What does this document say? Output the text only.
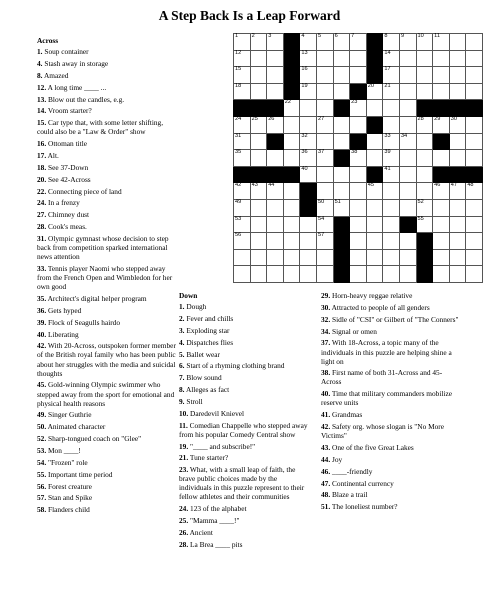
A Step Back Is a Leap Forward
1	2	3		4	5	6	7		8	9	10	11		

12				13					14					

15				16					17					

18				19				20	21					

			22				23							

24	25	26			27						28	29	30	

31				32					33	34				

35				36	37		38		39					

				40					41					

42	43	44						45				46	47	48

49					50	51					52			

53					54						55			

56					57									

Across
1. Soup container
4. Stash away in storage
8. Amazed
12. A long time ____ ...
13. Blow out the candles, e.g.
14. Vroom starter?
15. Car type that, with some letter shifting, could also be a "Law & Order" show
16. Ottoman title
17. Alt.
18. See 37-Down
20. See 42-Across
22. Connecting piece of land
24. In a frenzy
27. Chimney dust
28. Cook's meas.
31. Olympic gymnast whose decision to step back from competition sparked international news attention
33. Tennis player Naomi who stepped away from the French Open and Wimbledon for her own good
35. Architect's digital helper program
36. Gets hyped
39. Flock of Seagulls hairdo
40. Liberating
42. With 20-Across, outspoken former member of the British royal family who has been public about her struggles with the media and suicidal thoughts
45. Gold-winning Olympic swimmer who stepped away from the sport for emotional and physical health reasons
49. Singer Guthrie
50. Animated character
52. Sharp-tongued coach on "Glee"
53. Mon ____!
54. "Frozen" role
55. Important time period
56. Forest creature
57. Stan and Spike
58. Flanders child
Down
1. Dough
2. Fever and chills
3. Exploding star
4. Dispatches flies
5. Ballet wear
6. Start of a rhyming clothing brand
7. Blow sound
8. Alleges as fact
9. Stroll
10. Daredevil Knievel
11. Comedian Chappelle who stepped away from his popular Comedy Central show
19. "____ and subscribe!"
21. Tune starter?
23. What, with a small leap of faith, the brave public choices made by the individuals in this puzzle represent to their fellow athletes and their communities
24. 123 of the alphabet
25. "Mamma ____!"
26. Ancient
28. La Brea ____ pits
29. Horn-heavy reggae relative
30. Attracted to people of all genders
32. Sidle of "CSI" or Gilbert of "The Conners"
34. Signal or omen
37. With 18-Across, a topic many of the individuals in this puzzle are helping shine a light on
38. First name of both 31-Across and 45-Across
40. Time that military commanders mobilize reserve units
41. Grandmas
42. Safety org. whose slogan is "No More Victims"
43. One of the five Great Lakes
44. Joy
46. ____-friendly
47. Continental currency
48. Blaze a trail
51. The loneliest number?
